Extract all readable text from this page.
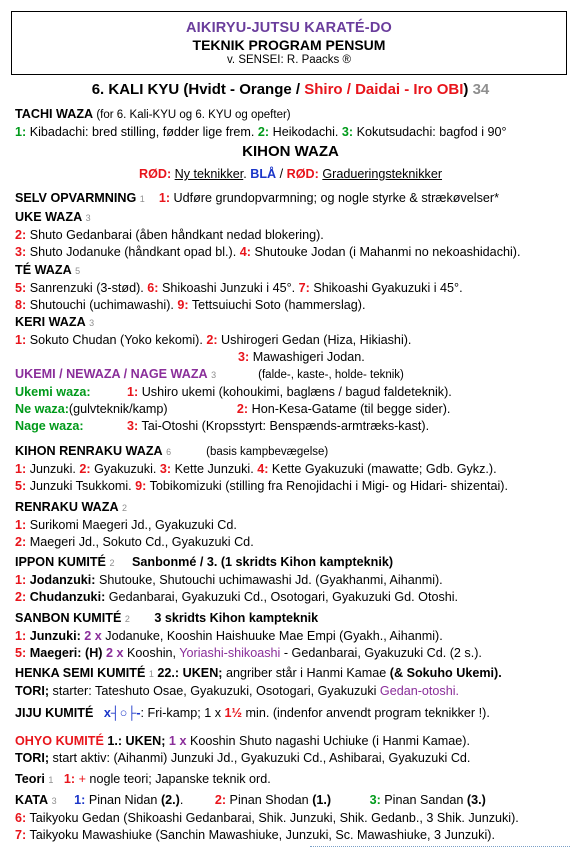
AIKIRYU-JUTSU KARATÉ-DO
TEKNIK PROGRAM PENSUM
v. SENSEI: R. Paacks ®
6. KALI KYU (Hvidt - Orange / Shiro / Daidai - Iro OBI) 34
TACHI WAZA (for 6. Kali-KYU og 6. KYU og opefter)
1: Kibadachi: bred stilling, fødder lige frem. 2: Heikodachi. 3: Kokutsudachi: bagfod i 90°
KIHON WAZA
RØD: Ny teknikker. BLÅ / RØD: Gradueringsteknikker
SELV OPVARMNING 1 1: Udføre grundopvarmning; og nogle styrke & strækøvelser*
UKE WAZA 3
2: Shuto Gedanbarai (åben håndkant nedad blokering).
3: Shuto Jodanuke (håndkant opad bl.). 4: Shutouke Jodan (i Mahanmi no nekoashidachi).
TÉ WAZA 5
5: Sanrenzuki (3-stød). 6: Shikoashi Junzuki i 45°. 7: Shikoashi Gyakuzuki i 45°.
8: Shutouchi (uchimawashi). 9: Tettsuiuchi Soto (hammerslag).
KERI WAZA 3
1: Sokuto Chudan (Yoko kekomi). 2: Ushirogeri Gedan (Hiza, Hikiashi).
3: Mawashigeri Jodan.
UKEMI / NEWAZA / NAGE WAZA 3	(falde-, kaste-, holde- teknik)
Ukemi waza:	1: Ushiro ukemi (kohoukimi, baglæns / bagud faldeteknik).
Ne waza:(gulvteknik/kamp)	2: Hon-Kesa-Gatame (til begge sider).
Nage waza:	3: Tai-Otoshi (Kropsstyrt: Benspænds-armtræks-kast).
KIHON RENRAKU WAZA 6	(basis kampbevægelse)
1: Junzuki. 2: Gyakuzuki. 3: Kette Junzuki. 4: Kette Gyakuzuki (mawatte; Gdb. Gykz.).
5: Junzuki Tsukkomi. 9: Tobikomizuki (stilling fra Renojidachi i Migi- og Hidari- shizentai).
RENRAKU WAZA 2
1: Surikomi Maegeri Jd., Gyakuzuki Cd.
2: Maegeri Jd., Sokuto Cd., Gyakuzuki Cd.
IPPON KUMITÉ 2 Sanbonmé / 3. (1 skridts Kihon kampteknik)
1: Jodanzuki: Shutouke, Shutouchi uchimawashi Jd. (Gyakhanmi, Aihanmi).
2: Chudanzuki: Gedanbarai, Gyakuzuki Cd., Osotogari, Gyakuzuki Gd. Otoshi.
SANBON KUMITÉ 2 3 skridts Kihon kampteknik
1: Junzuki: 2 x Jodanuke, Kooshin Haishuuke Mae Empi (Gyakh., Aihanmi).
5: Maegeri: (H) 2 x Kooshin, Yoriashi-shikoashi - Gedanbarai, Gyakuzuki Cd. (2 s.).
HENKA SEMI KUMITÉ 1 22.: UKEN; angriber står i Hanmi Kamae (& Sokuho Ukemi).
TORI; starter: Tateshuto Osae, Gyakuzuki, Osotogari, Gyakuzuki Gedan-otoshi.
JIJU KUMITÉ x┤○├-: Fri-kamp; 1 x 1½ min. (indenfor anvendt program teknikker !).
OHYO KUMITÉ 1.: UKEN; 1 x Kooshin Shuto nagashi Uchiuke (i Hanmi Kamae).
TORI; start aktiv: (Aihanmi) Junzuki Jd., Gyakuzuki Cd., Ashibarai, Gyakuzuki Cd.
Teori 1 1: + nogle teori; Japanske teknik ord.
KATA 3 1: Pinan Nidan (2.).	2: Pinan Shodan (1.)	3: Pinan Sandan (3.)
6: Taikyoku Gedan (Shikoashi Gedanbarai, Shik. Junzuki, Shik. Gedanb., 3 Shik. Junzuki).
7: Taikyoku Mawashiuke (Sanchin Mawashiuke, Junzuki, Sc. Mawashiuke, 3 Junzuki).
